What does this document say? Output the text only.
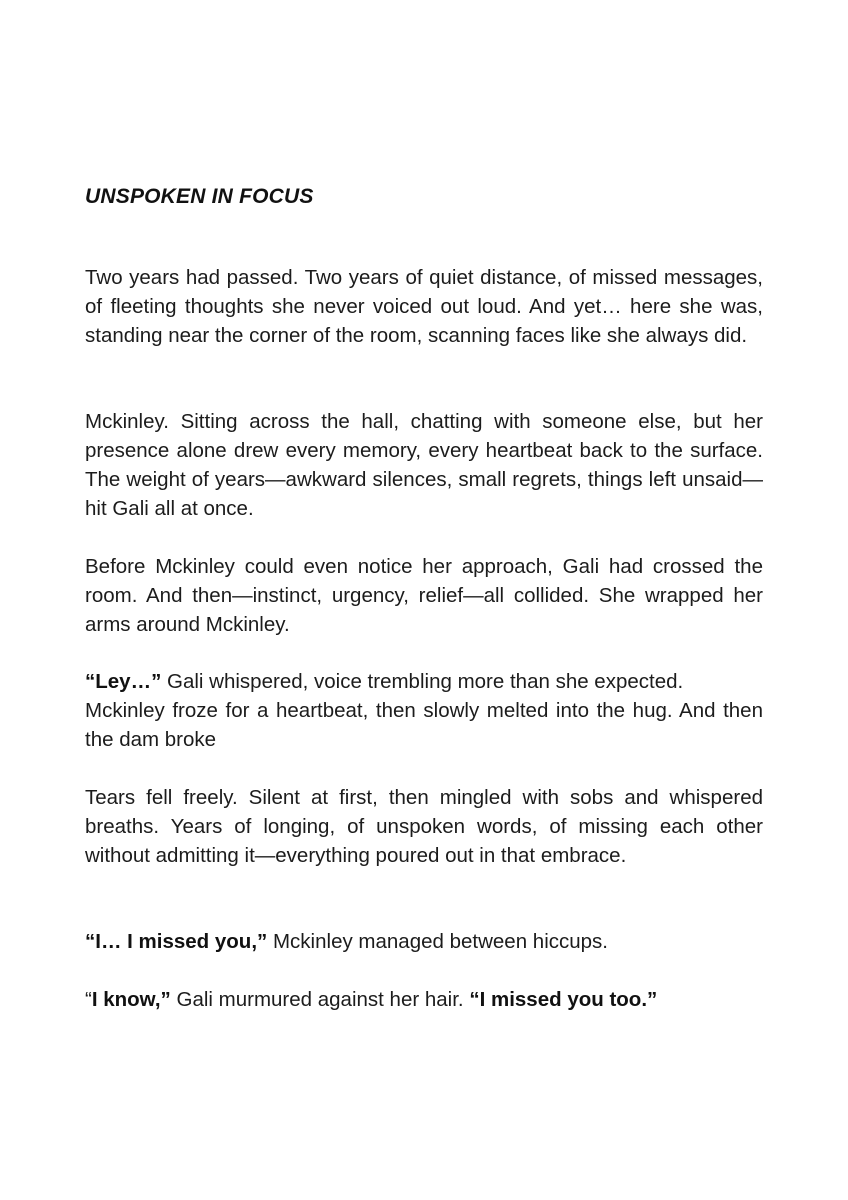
UNSPOKEN IN FOCUS

Two years had passed. Two years of quiet distance, of missed messages, of fleeting thoughts she never voiced out loud. And yet… here she was, standing near the corner of the room, scanning faces like she always did.

Mckinley. Sitting across the hall, chatting with someone else, but her presence alone drew every memory, every heartbeat back to the surface. The weight of years—awkward silences, small regrets, things left unsaid—hit Gali all at once.

Before Mckinley could even notice her approach, Gali had crossed the room. And then—instinct, urgency, relief—all collided. She wrapped her arms around Mckinley.

“Ley…” Gali whispered, voice trembling more than she expected.
Mckinley froze for a heartbeat, then slowly melted into the hug. And then the dam broke

Tears fell freely. Silent at first, then mingled with sobs and whispered breaths. Years of longing, of unspoken words, of missing each other without admitting it—everything poured out in that embrace.

“I… I missed you,” Mckinley managed between hiccups.

“I know,” Gali murmured against her hair. “I missed you too.”
